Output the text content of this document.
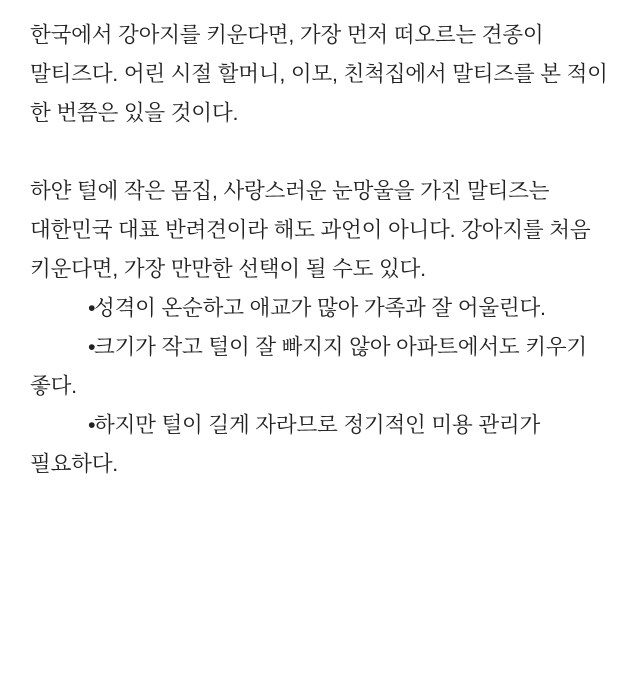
한국에서 강아지를 키운다면, 가장 먼저 떠오르는 견종이 말티즈다. 어린 시절 할머니, 이모, 친척집에서 말티즈를 본 적이 한 번쯤은 있을 것이다.

하얀 털에 작은 몸집, 사랑스러운 눈망울을 가진 말티즈는 대한민국 대표 반려견이라 해도 과언이 아니다. 강아지를 처음 키운다면, 가장 만만한 선택이 될 수도 있다.

•성격이 온순하고 애교가 많아 가족과 잘 어울린다.
•크기가 작고 털이 잘 빠지지 않아 아파트에서도 키우기 좋다.
•하지만 털이 길게 자라므로 정기적인 미용 관리가 필요하다.
